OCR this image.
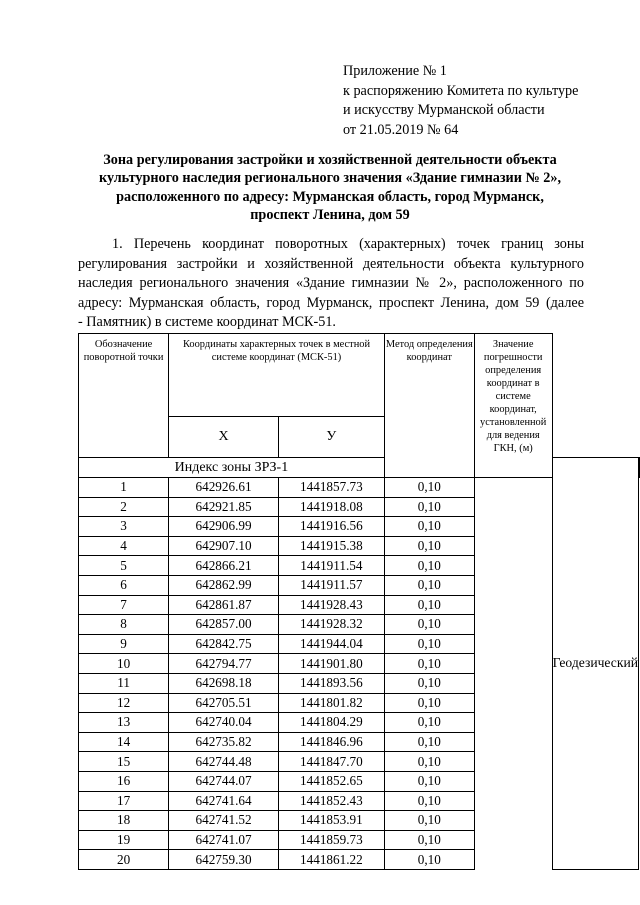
Приложение № 1
к распоряжению Комитета по культуре
и искусству Мурманской области
от 21.05.2019 № 64
Зона регулирования застройки и хозяйственной деятельности объекта
культурного наследия регионального значения «Здание гимназии № 2»,
расположенного по адресу: Мурманская область, город Мурманск,
проспект Ленина, дом 59
1. Перечень координат поворотных (характерных) точек границ зоны
регулирования застройки и хозяйственной деятельности объекта культурного
наследия регионального значения «Здание гимназии № 2», расположенного по
адресу: Мурманская область, город Мурманск, проспект Ленина, дом 59 (далее
- Памятник) в системе координат МСК-51.
Обозначение поворотной точки	Координаты характерных точек в местной системе координат (МСК-51)		Метод определения координат	Значение погрешности определения координат в системе координат, установленной для ведения ГКН, (м)		
	Х	У				
Индекс зоны ЗРЗ-1					Геодезический	
1	642926.61	1441857.73	0,10			
2	642921.85	1441918.08	0,10			
3	642906.99	1441916.56	0,10			
4	642907.10	1441915.38	0,10			
5	642866.21	1441911.54	0,10			
6	642862.99	1441911.57	0,10			
7	642861.87	1441928.43	0,10			
8	642857.00	1441928.32	0,10			
9	642842.75	1441944.04	0,10			
10	642794.77	1441901.80	0,10			
11	642698.18	1441893.56	0,10			
12	642705.51	1441801.82	0,10			
13	642740.04	1441804.29	0,10			
14	642735.82	1441846.96	0,10			
15	642744.48	1441847.70	0,10			
16	642744.07	1441852.65	0,10			
17	642741.64	1441852.43	0,10			
18	642741.52	1441853.91	0,10			
19	642741.07	1441859.73	0,10			
20	642759.30	1441861.22	0,10			
